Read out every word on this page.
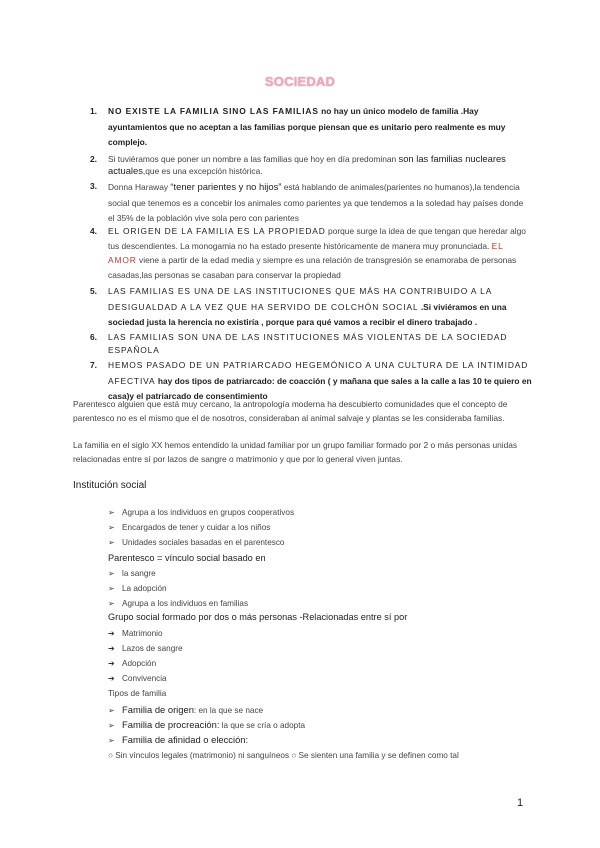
SOCIEDAD
1. NO EXISTE LA FAMILIA SINO LAS FAMILIAS no hay un único modelo de familia .Hay ayuntamientos que no aceptan a las familias porque piensan que es unitario pero realmente es muy complejo.
2. Si tuviéramos que poner un nombre a las familias que hoy en día predominan son las familias nucleares actuales,que es una excepción histórica.
3. Donna Haraway “tener parientes y no hijos” está hablando de animales(parientes no humanos),la tendencia social que tenemos es a concebir los animales como parientes ya que tendemos a la soledad hay países donde el 35% de la población vive sola pero con parientes
4. EL ORIGEN DE LA FAMILIA ES LA PROPIEDAD porque surge la idea de que tengan que heredar algo tus descendientes. La monogamia no ha estado presente históricamente de manera muy pronunciada. EL AMOR viene a partir de la edad media y siempre es una relación de transgresión se enamoraba de personas casadas,las personas se casaban para conservar la propiedad
5. LAS FAMILIAS ES UNA DE LAS INSTITUCIONES QUE MÁS HA CONTRIBUIDO A LA DESIGUALDAD A LA VEZ QUE HA SERVIDO DE COLCHÓN SOCIAL .Si viviéramos en una sociedad justa la herencia no existiría , porque para qué vamos a recibir el dinero trabajado .
6. LAS FAMILIAS SON UNA DE LAS INSTITUCIONES MÁS VIOLENTAS DE LA SOCIEDAD ESPAÑOLA
7. HEMOS PASADO DE UN PATRIARCADO HEGEMÓNICO A UNA CULTURA DE LA INTIMIDAD AFECTIVA hay dos tipos de patriarcado: de coacción ( y mañana que sales a la calle a las 10 te quiero en casa)y el patriarcado de consentimiento

Parentesco alguien que está muy cercano, la antropología moderna ha descubierto comunidades que el concepto de parentesco no es el mismo que el de nosotros, consideraban al animal salvaje y plantas se les consideraba familias.

La familia en el siglo XX hemos entendido la unidad familiar por un grupo familiar formado por 2 o más personas unidas relacionadas entre sí por lazos de sangre o matrimonio y que por lo general viven juntas.

Institución social

➢ Agrupa a los individuos en grupos cooperativos
➢ Encargados de tener y cuidar a los niños
➢ Unidades sociales basadas en el parentesco

Parentesco = vínculo social basado en

➢ la sangre
➢ La adopción
➢ Agrupa a los individuos en familias

Grupo social formado por dos o más personas -Relacionadas entre sí por

➔ Matrimonio
➔ Lazos de sangre
➔ Adopción
➔ Convivencia

Tipos de familia

➢ Familia de origen: en la que se nace
➢ Familia de procreación: la que se cría o adopta
➢ Familia de afinidad o elección:

○ Sin vínculos legales (matrimonio) ni sanguíneos ○ Se sienten una familia y se definen como tal

1
